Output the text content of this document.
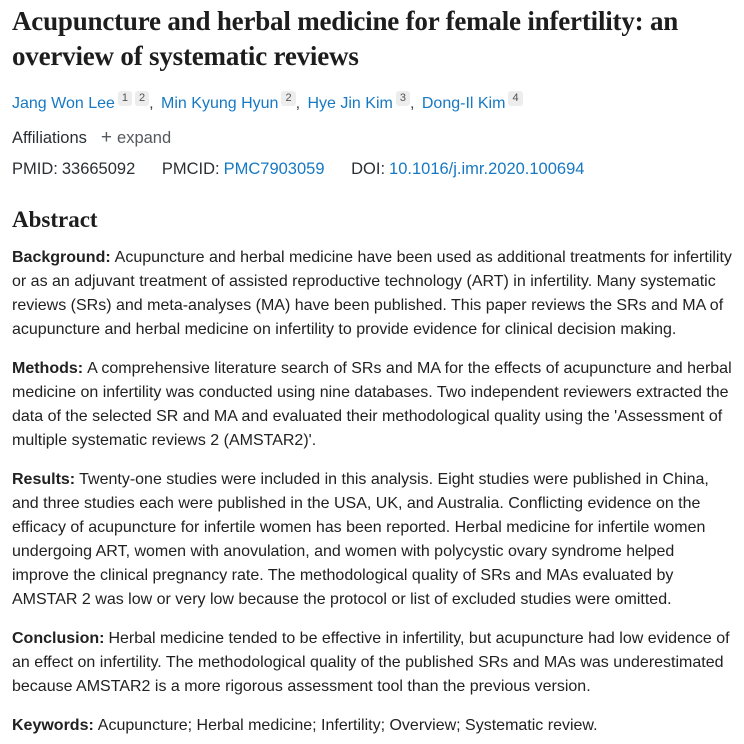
Acupuncture and herbal medicine for female infertility: an overview of systematic reviews
Jang Won Lee $^1$ $^2$ , Min Kyung Hyun $^2$ , Hye Jin Kim $^3$ , Dong-Il Kim $^4$
Affiliations + expand
PMID: 33665092 PMCID: PMC7903059 DOI: 10.1016/j.imr.2020.100694
Abstract

Background: Acupuncture and herbal medicine have been used as additional treatments for infertility or as an adjuvant treatment of assisted reproductive technology (ART) in infertility. Many systematic reviews (SRs) and meta-analyses (MA) have been published. This paper reviews the SRs and MA of acupuncture and herbal medicine on infertility to provide evidence for clinical decision making.

Methods: A comprehensive literature search of SRs and MA for the effects of acupuncture and herbal medicine on infertility was conducted using nine databases. Two independent reviewers extracted the data of the selected SR and MA and evaluated their methodological quality using the 'Assessment of multiple systematic reviews 2 (AMSTAR2)'.

Results: Twenty-one studies were included in this analysis. Eight studies were published in China, and three studies each were published in the USA, UK, and Australia. Conflicting evidence on the efficacy of acupuncture for infertile women has been reported. Herbal medicine for infertile women undergoing ART, women with anovulation, and women with polycystic ovary syndrome helped improve the clinical pregnancy rate. The methodological quality of SRs and MAs evaluated by AMSTAR 2 was low or very low because the protocol or list of excluded studies were omitted.

Conclusion: Herbal medicine tended to be effective in infertility, but acupuncture had low evidence of an effect on infertility. The methodological quality of the published SRs and MAs was underestimated because AMSTAR2 is a more rigorous assessment tool than the previous version.

Keywords: Acupuncture; Herbal medicine; Infertility; Overview; Systematic review.
